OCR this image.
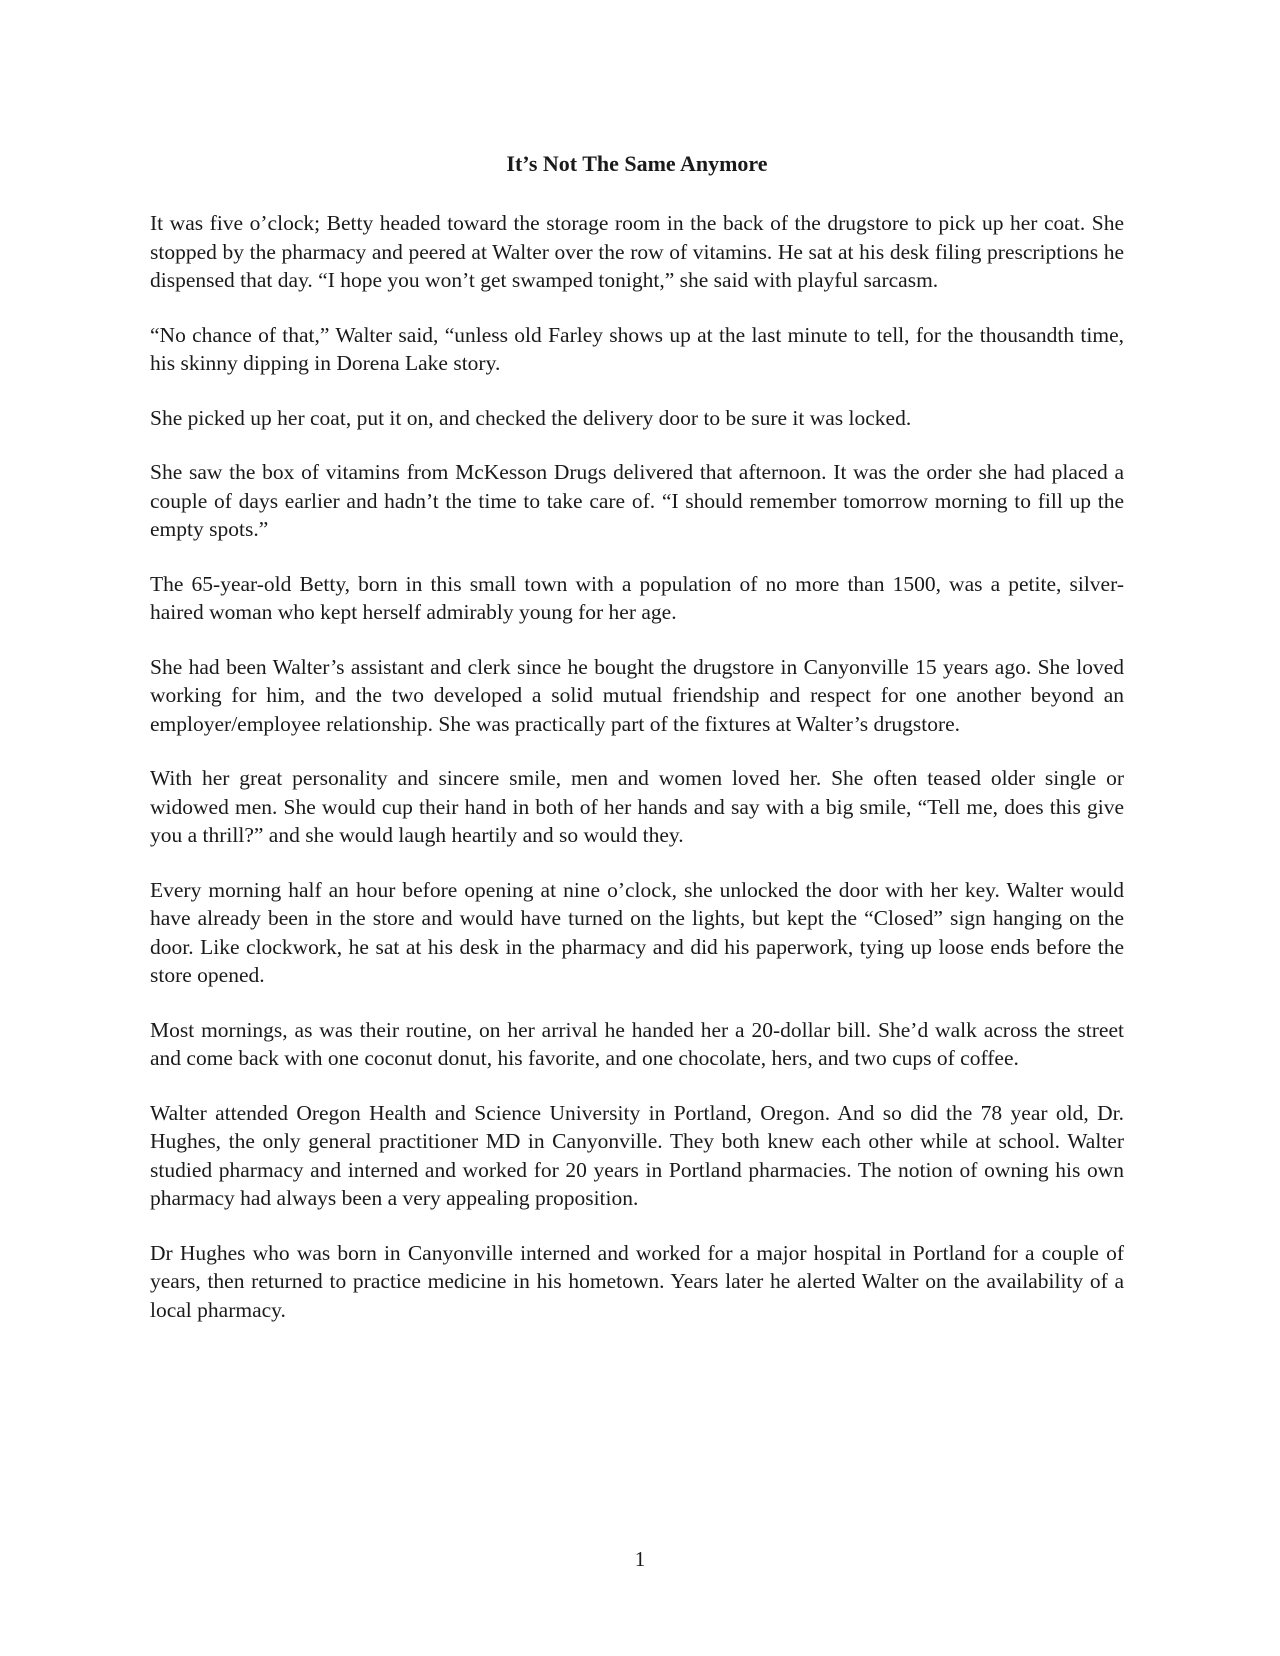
It’s Not The Same Anymore

It was five o’clock; Betty headed toward the storage room in the back of the drugstore to pick up her coat. She stopped by the pharmacy and peered at Walter over the row of vitamins. He sat at his desk filing prescriptions he dispensed that day. “I hope you won’t get swamped tonight,” she said with playful sarcasm.

“No chance of that,” Walter said, “unless old Farley shows up at the last minute to tell, for the thousandth time, his skinny dipping in Dorena Lake story.

She picked up her coat, put it on, and checked the delivery door to be sure it was locked.

She saw the box of vitamins from McKesson Drugs delivered that afternoon. It was the order she had placed a couple of days earlier and hadn’t the time to take care of. “I should remember tomorrow morning to fill up the empty spots.”

The 65-year-old Betty, born in this small town with a population of no more than 1500, was a petite, silver-haired woman who kept herself admirably young for her age.

She had been Walter’s assistant and clerk since he bought the drugstore in Canyonville 15 years ago. She loved working for him, and the two developed a solid mutual friendship and respect for one another beyond an employer/employee relationship. She was practically part of the fixtures at Walter’s drugstore.

With her great personality and sincere smile, men and women loved her. She often teased older single or widowed men. She would cup their hand in both of her hands and say with a big smile, “Tell me, does this give you a thrill?” and she would laugh heartily and so would they.

Every morning half an hour before opening at nine o’clock, she unlocked the door with her key. Walter would have already been in the store and would have turned on the lights, but kept the “Closed” sign hanging on the door. Like clockwork, he sat at his desk in the pharmacy and did his paperwork, tying up loose ends before the store opened.

Most mornings, as was their routine, on her arrival he handed her a 20-dollar bill. She’d walk across the street and come back with one coconut donut, his favorite, and one chocolate, hers, and two cups of coffee.

Walter attended Oregon Health and Science University in Portland, Oregon. And so did the 78 year old, Dr. Hughes, the only general practitioner MD in Canyonville. They both knew each other while at school. Walter studied pharmacy and interned and worked for 20 years in Portland pharmacies. The notion of owning his own pharmacy had always been a very appealing proposition.

Dr Hughes who was born in Canyonville interned and worked for a major hospital in Portland for a couple of years, then returned to practice medicine in his hometown. Years later he alerted Walter on the availability of a local pharmacy.

1
